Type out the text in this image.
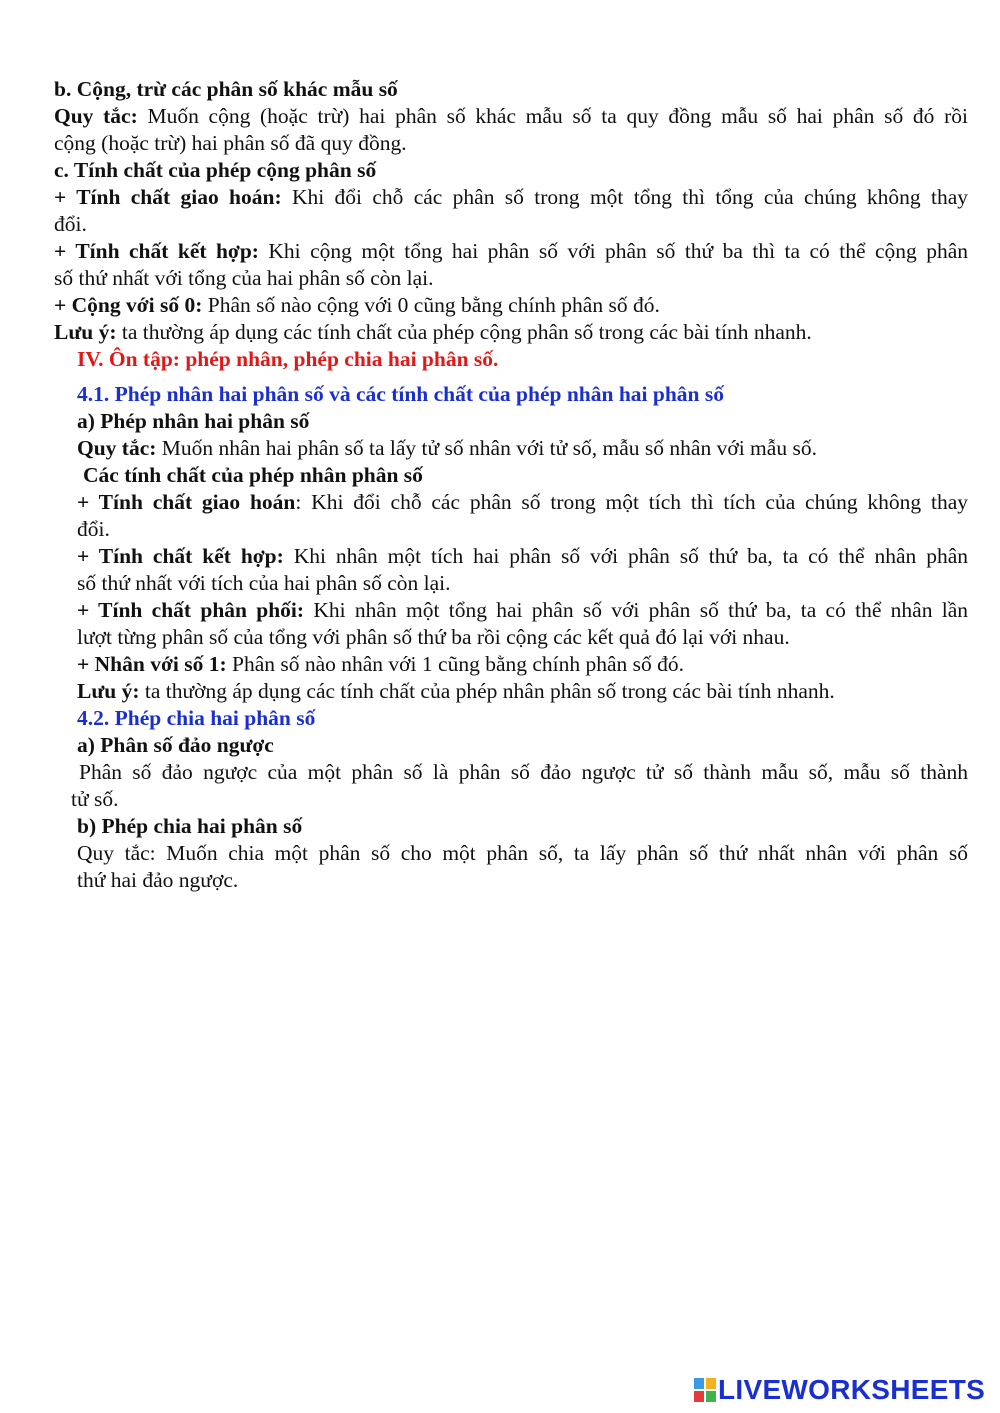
b. Cộng, trừ các phân số khác mẫu số
Quy tắc: Muốn cộng (hoặc trừ) hai phân số khác mẫu số ta quy đồng mẫu số hai phân số đó rồi
cộng (hoặc trừ) hai phân số đã quy đồng.
c. Tính chất của phép cộng phân số
+ Tính chất giao hoán: Khi đổi chỗ các phân số trong một tổng thì tổng của chúng không thay
đổi.
+ Tính chất kết hợp: Khi cộng một tổng hai phân số với phân số thứ ba thì ta có thể cộng phân
số thứ nhất với tổng của hai phân số còn lại.
+ Cộng với số 0: Phân số nào cộng với 0 cũng bằng chính phân số đó.
Lưu ý: ta thường áp dụng các tính chất của phép cộng phân số trong các bài tính nhanh.
IV. Ôn tập: phép nhân, phép chia hai phân số.
4.1. Phép nhân hai phân số và các tính chất của phép nhân hai phân số
a) Phép nhân hai phân số
Quy tắc: Muốn nhân hai phân số ta lấy tử số nhân với tử số, mẫu số nhân với mẫu số.
Các tính chất của phép nhân phân số
+ Tính chất giao hoán: Khi đổi chỗ các phân số trong một tích thì tích của chúng không thay
đổi.
+ Tính chất kết hợp: Khi nhân một tích hai phân số với phân số thứ ba, ta có thể nhân phân
số thứ nhất với tích của hai phân số còn lại.
+ Tính chất phân phối: Khi nhân một tổng hai phân số với phân số thứ ba, ta có thể nhân lần
lượt từng phân số của tổng với phân số thứ ba rồi cộng các kết quả đó lại với nhau.
+ Nhân với số 1: Phân số nào nhân với 1 cũng bằng chính phân số đó.
Lưu ý: ta thường áp dụng các tính chất của phép nhân phân số trong các bài tính nhanh.
4.2. Phép chia hai phân số
a) Phân số đảo ngược
Phân số đảo ngược của một phân số là phân số đảo ngược tử số thành mẫu số, mẫu số thành
tử số.
b) Phép chia hai phân số
Quy tắc: Muốn chia một phân số cho một phân số, ta lấy phân số thứ nhất nhân với phân số
thứ hai đảo ngược.
LIVEWORKSHEETS
